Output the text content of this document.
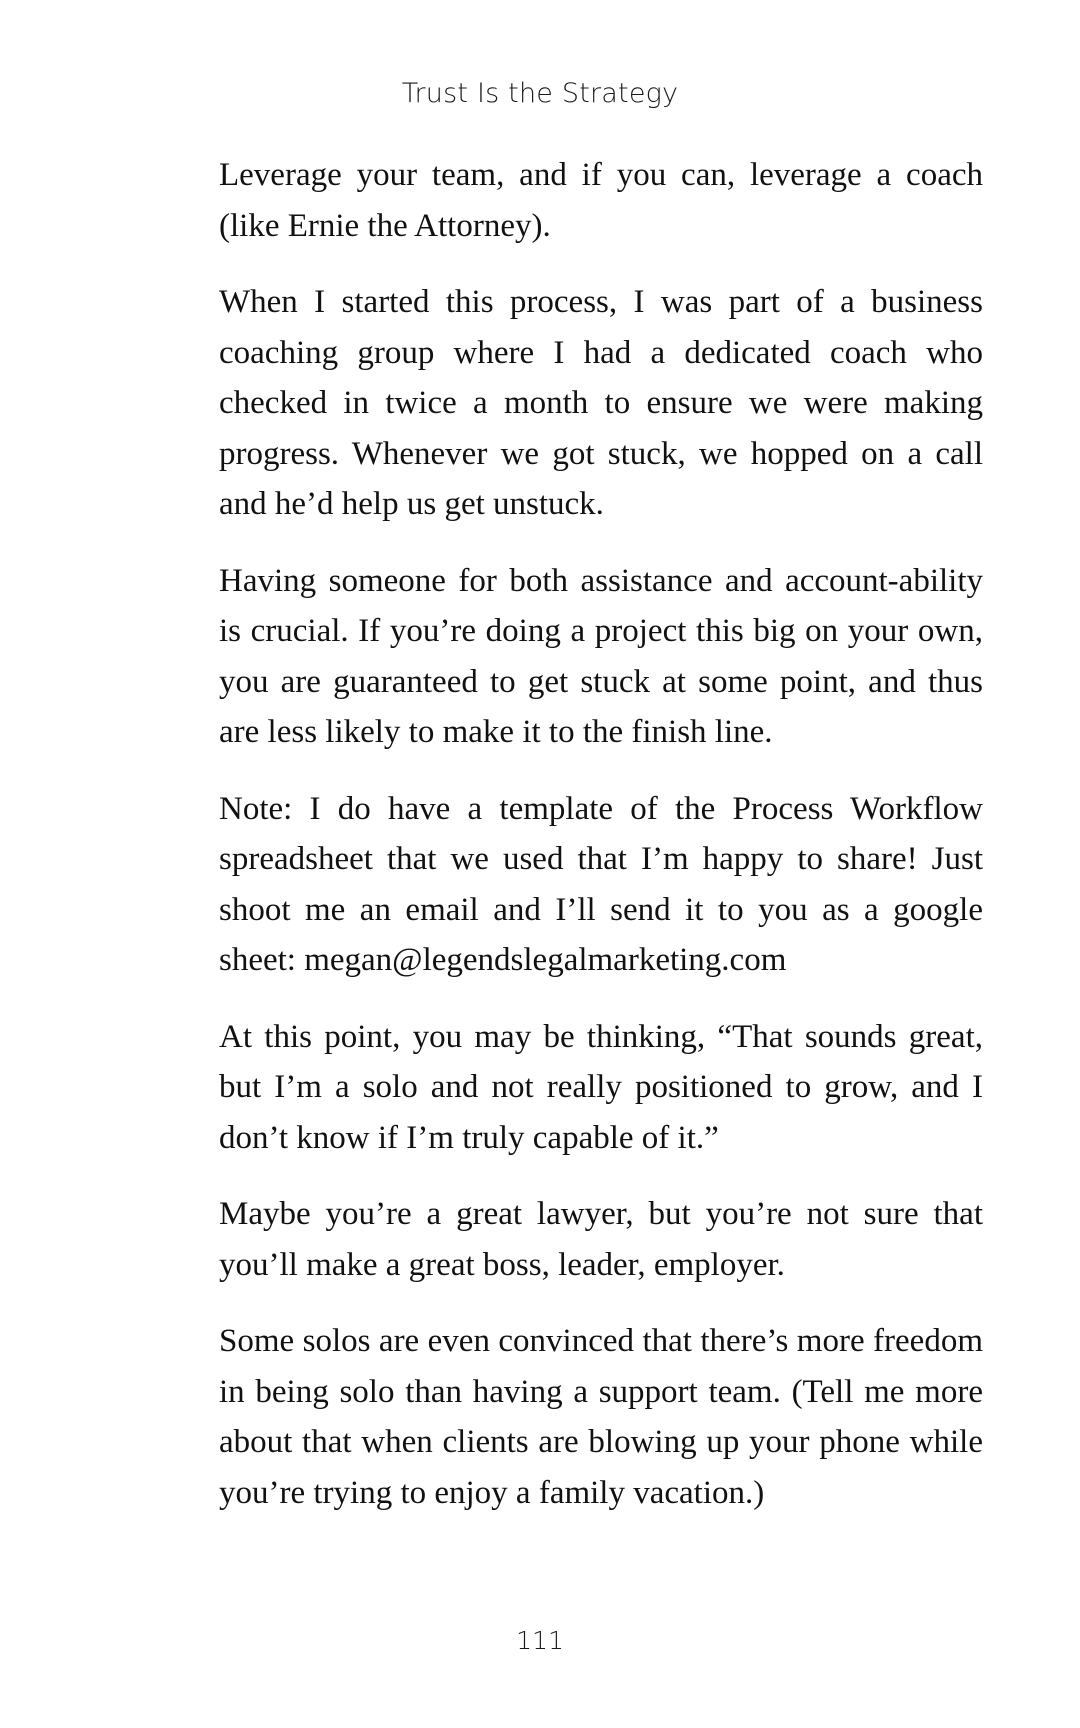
Trust Is the Strategy

Leverage your team, and if you can, leverage a coach (like Ernie the Attorney).

When I started this process, I was part of a business coaching group where I had a dedicated coach who checked in twice a month to ensure we were making progress. Whenever we got stuck, we hopped on a call and he’d help us get unstuck.

Having someone for both assistance and account-ability is crucial. If you’re doing a project this big on your own, you are guaranteed to get stuck at some point, and thus are less likely to make it to the finish line.

Note: I do have a template of the Process Workflow spreadsheet that we used that I’m happy to share! Just shoot me an email and I’ll send it to you as a google sheet: megan@legendslegalmarketing.com

At this point, you may be thinking, “That sounds great, but I’m a solo and not really positioned to grow, and I don’t know if I’m truly capable of it.”

Maybe you’re a great lawyer, but you’re not sure that you’ll make a great boss, leader, employer.

Some solos are even convinced that there’s more freedom in being solo than having a support team. (Tell me more about that when clients are blowing up your phone while you’re trying to enjoy a family vacation.)

111
